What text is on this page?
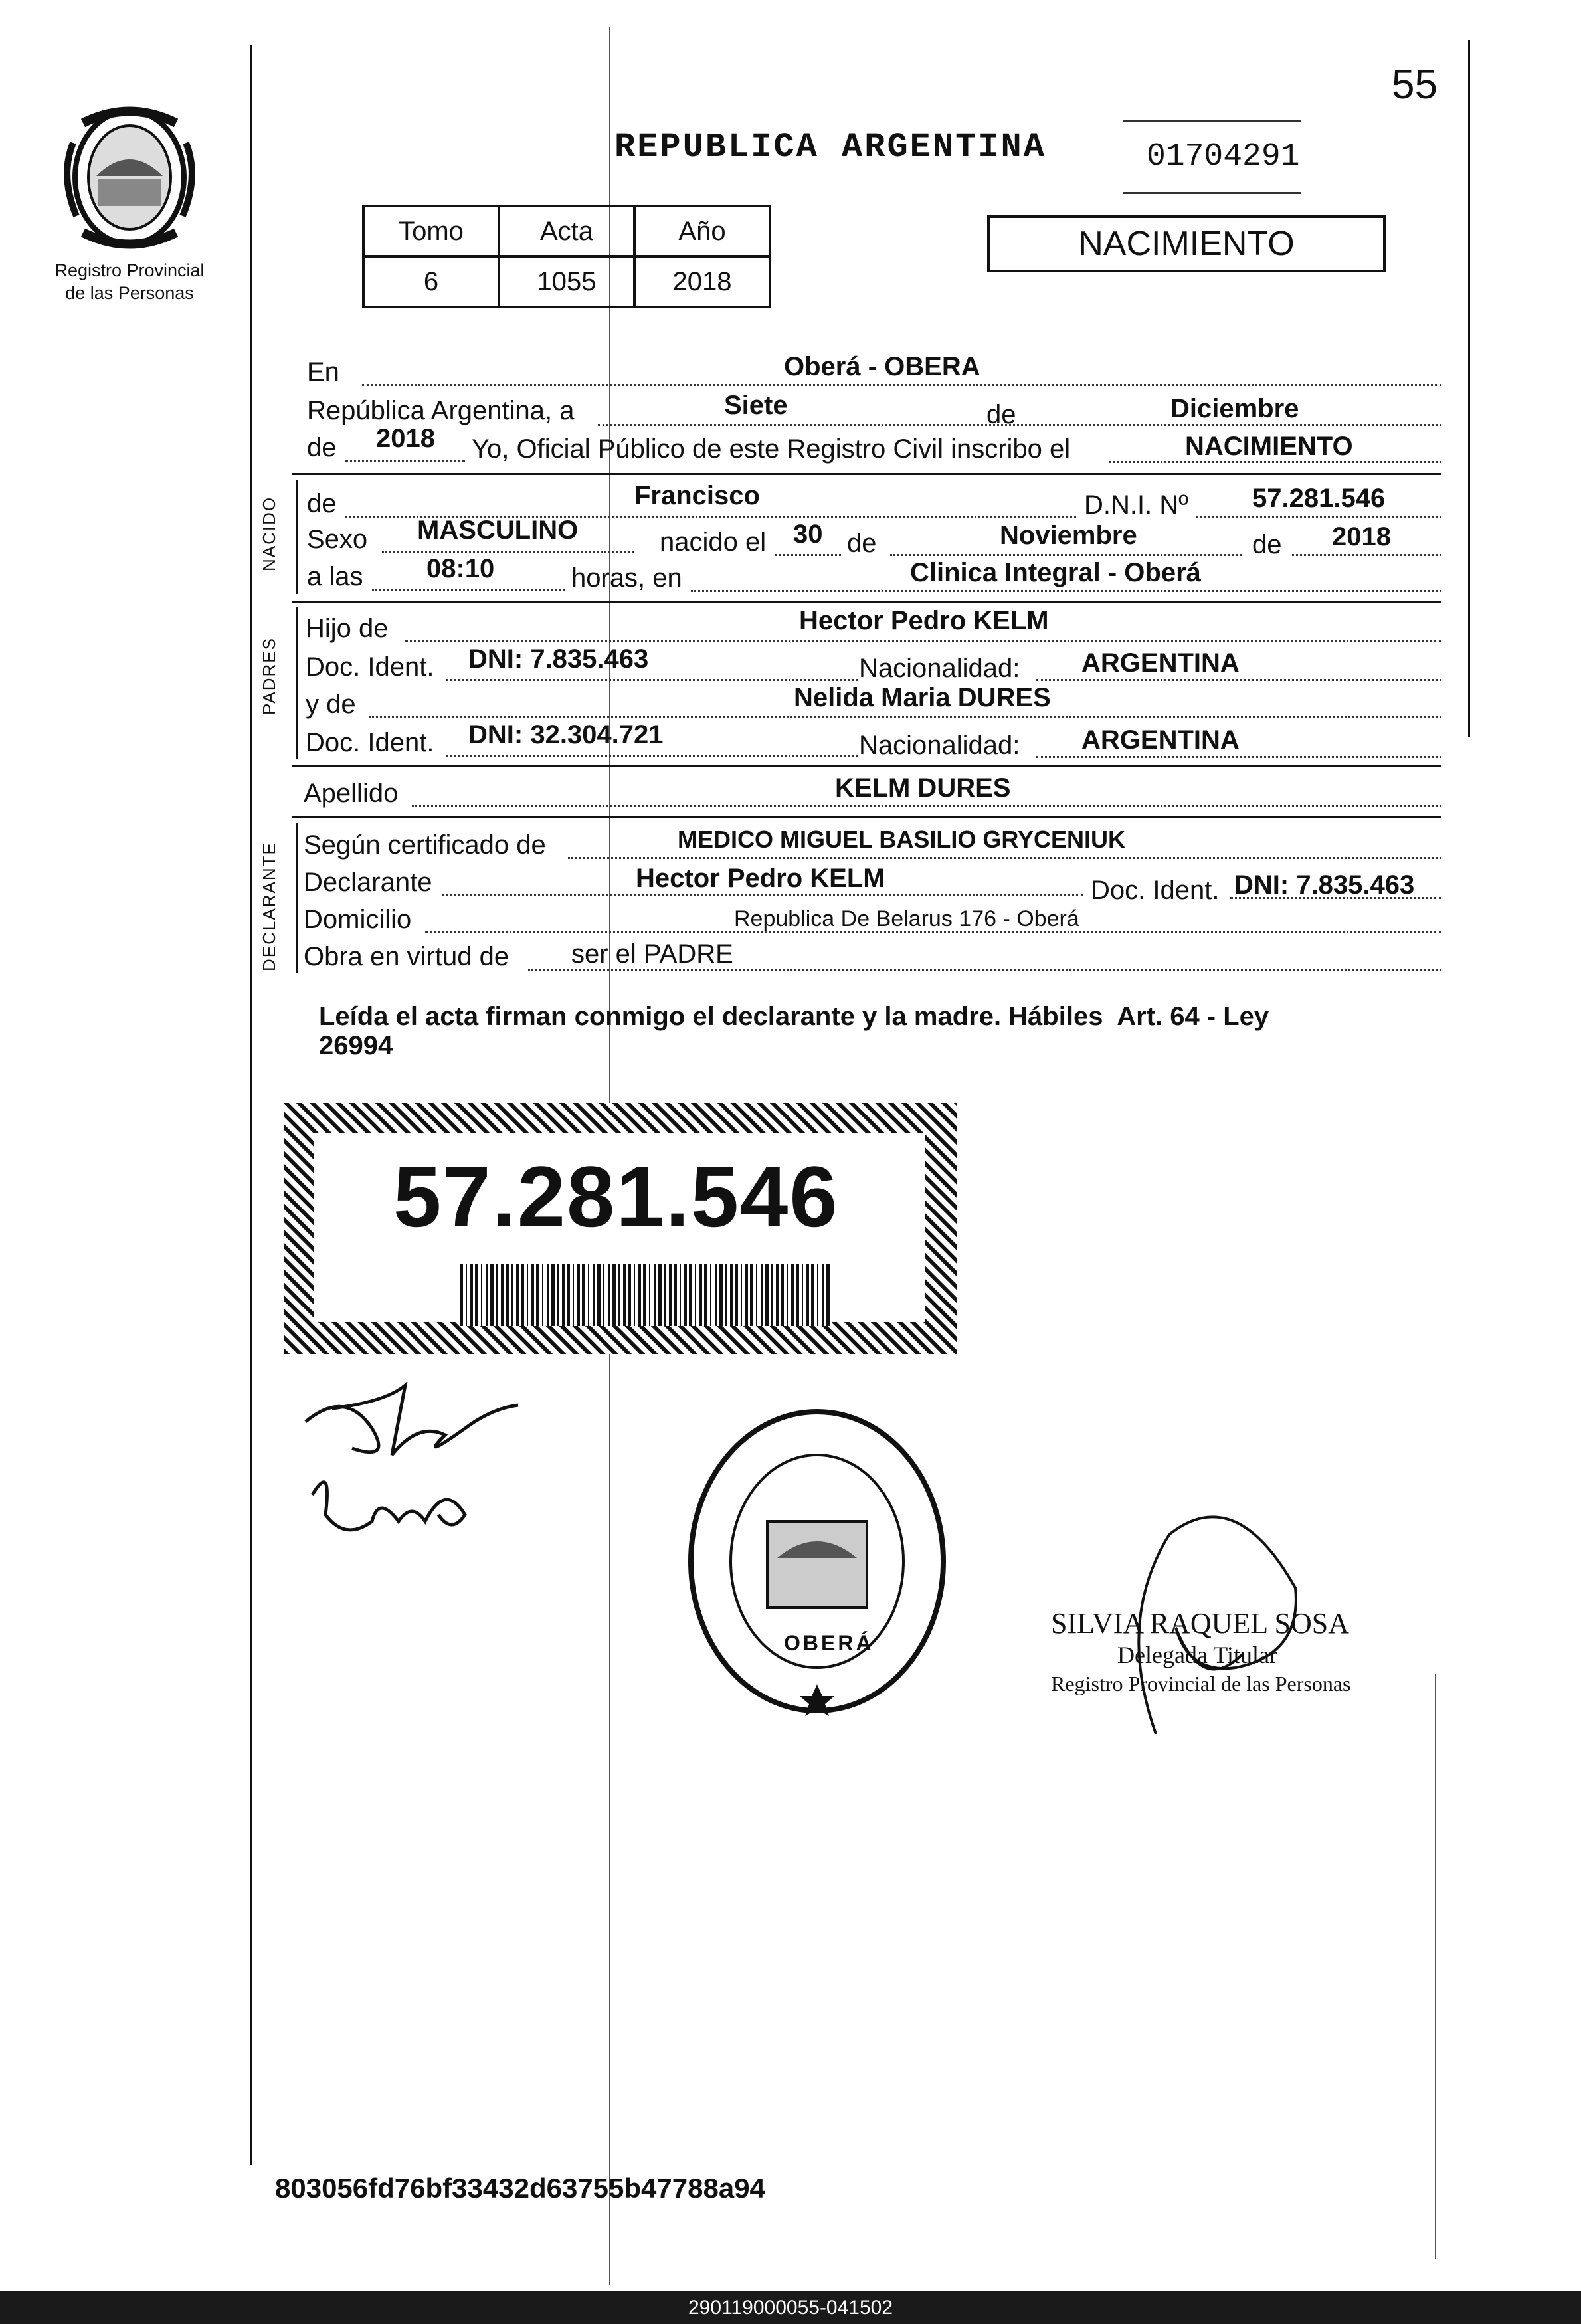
55
Registro Provincial
de las Personas
REPUBLICA ARGENTINA	01704291
NACIMIENTO
Tomo	Acta	Año
6	1055	2018
En	Oberá - OBERA
República Argentina, a	Siete	de	Diciembre
de 2018 Yo, Oficial Público de este Registro Civil inscribo el	NACIMIENTO
NACIDO de	Francisco	D.N.I. Nº 57.281.546
Sexo MASCULINO	nacido el 30 de	Noviembre	de 2018
a las 08:10	horas, en	Clinica Integral - Oberá
PADRES
Hijo de	Hector Pedro KELM
Doc. Ident. DNI: 7.835.463	Nacionalidad: ARGENTINA
y de	Nelida Maria DURES
Doc. Ident. DNI: 32.304.721	Nacionalidad: ARGENTINA
Apellido	KELM DURES
DECLARANTE Según certificado de	MEDICO MIGUEL BASILIO GRYCENIUK
Declarante	Hector Pedro KELM	Doc. Ident. DNI: 7.835.463
Domicilio	Republica De Belarus 176 - Oberá
Obra en virtud de ser el PADRE
Leída el acta firman conmigo el declarante y la madre. Hábiles  Art. 64 - Ley
26994
57.281.546
OBERÁ
SILVIA RAQUEL SOSA
Delegada Titular
Registro Provincial de las Personas
803056fd76bf33432d63755b47788a94
290119000055-041502
